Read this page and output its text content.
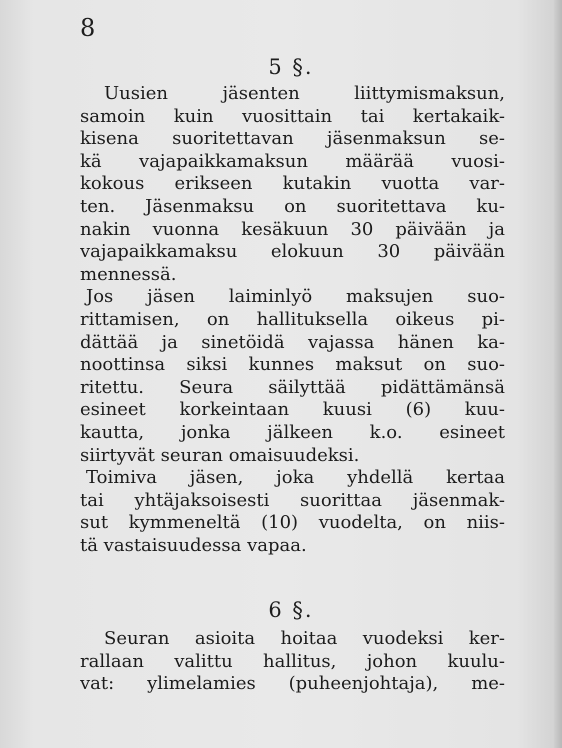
8
5 §.
Uusien jäsenten liittymismaksun,
samoin kuin vuosittain tai kertakaik-
kisena suoritettavan jäsenmaksun se-
kä vajapaikkamaksun määrää vuosi-
kokous erikseen kutakin vuotta var-
ten. Jäsenmaksu on suoritettava ku-
nakin vuonna kesäkuun 30 päivään ja
vajapaikkamaksu elokuun 30 päivään
mennessä.
Jos jäsen laiminlyö maksujen suo-
rittamisen, on hallituksella oikeus pi-
dättää ja sinetöidä vajassa hänen ka-
noottinsa siksi kunnes maksut on suo-
ritettu. Seura säilyttää pidättämänsä
esineet korkeintaan kuusi (6) kuu-
kautta, jonka jälkeen k.o. esineet
siirtyvät seuran omaisuudeksi.
Toimiva jäsen, joka yhdellä kertaa
tai yhtäjaksoisesti suorittaa jäsenmak-
sut kymmeneltä (10) vuodelta, on niis-
tä vastaisuudessa vapaa.
6 §.
Seuran asioita hoitaa vuodeksi ker-
rallaan valittu hallitus, johon kuulu-
vat: ylimelamies (puheenjohtaja), me-
